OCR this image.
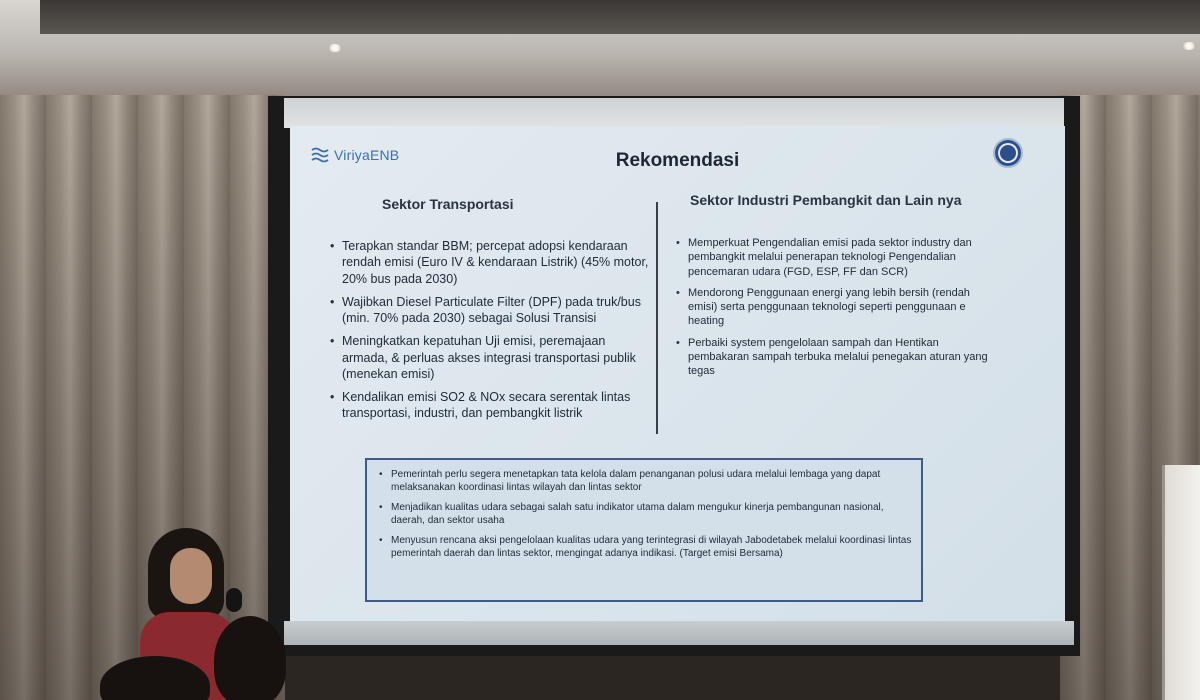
ViriyaENB	Rekomendasi
Sektor Transportasi	Sektor Industri Pembangkit dan Lain nya
• Terapkan standar BBM; percepat adopsi kendaraan rendah emisi (Euro IV & kendaraan Listrik) (45% motor, 20% bus pada 2030)
• Wajibkan Diesel Particulate Filter (DPF) pada truk/bus (min. 70% pada 2030) sebagai Solusi Transisi
• Meningkatkan kepatuhan Uji emisi, peremajaan armada, & perluas akses integrasi transportasi publik (menekan emisi)
• Kendalikan emisi SO2 & NOx secara serentak lintas transportasi, industri, dan pembangkit listrik
• Memperkuat Pengendalian emisi pada sektor industry dan pembangkit melalui penerapan teknologi Pengendalian pencemaran udara (FGD, ESP, FF dan SCR)
• Mendorong Penggunaan energi yang lebih bersih (rendah emisi) serta penggunaan teknologi seperti penggunaan e heating
• Perbaiki system pengelolaan sampah dan Hentikan pembakaran sampah terbuka melalui penegakan aturan yang tegas
• Pemerintah perlu segera menetapkan tata kelola dalam penanganan polusi udara melalui lembaga yang dapat melaksanakan koordinasi lintas wilayah dan lintas sektor
• Menjadikan kualitas udara sebagai salah satu indikator utama dalam mengukur kinerja pembangunan nasional, daerah, dan sektor usaha
• Menyusun rencana aksi pengelolaan kualitas udara yang terintegrasi di wilayah Jabodetabek melalui koordinasi lintas pemerintah daerah dan lintas sektor, mengingat adanya indikasi. (Target emisi Bersama)
